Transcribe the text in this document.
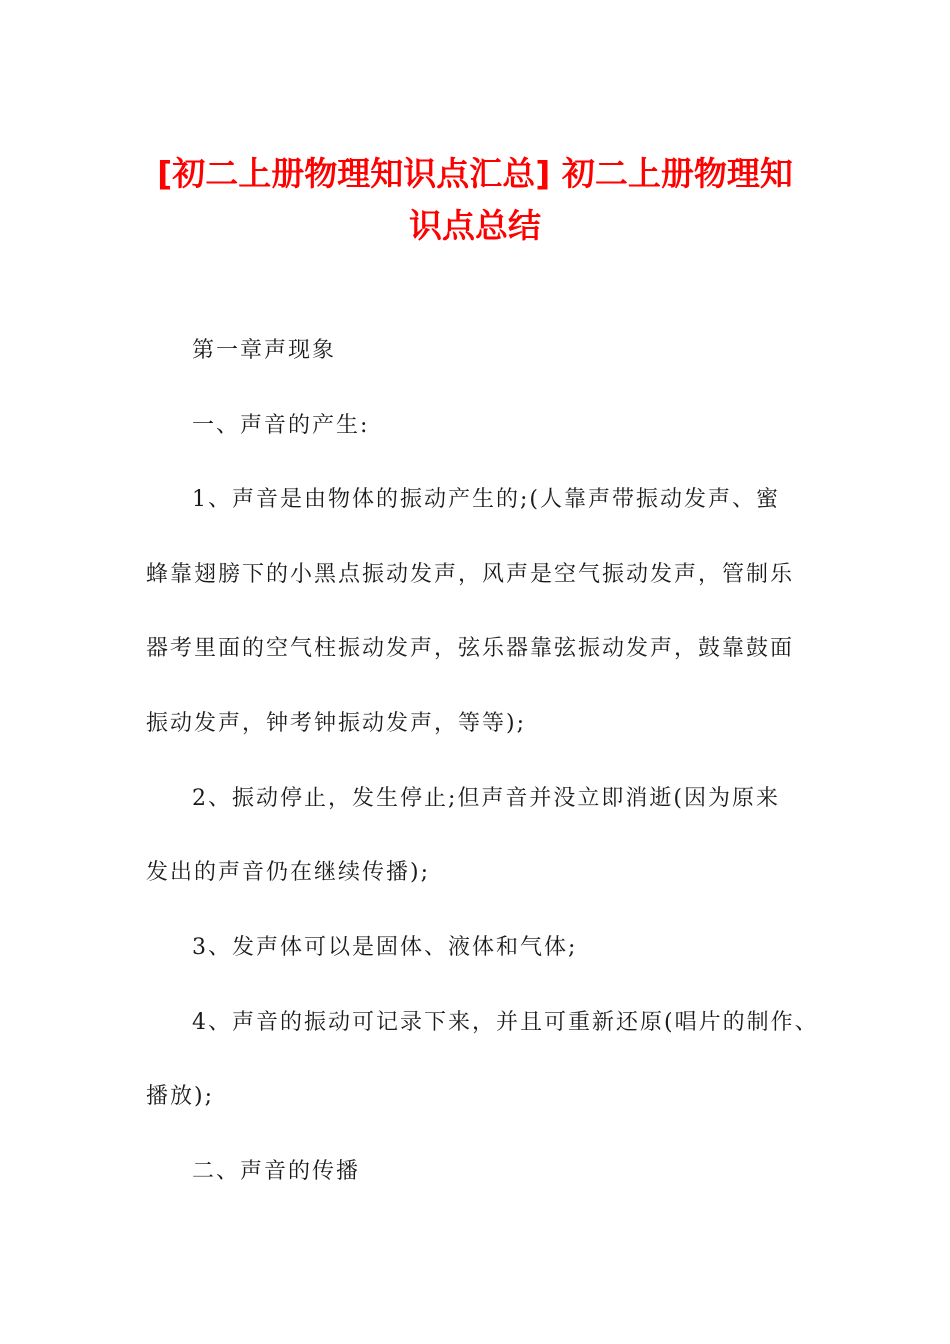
[初二上册物理知识点汇总] 初二上册物理知
识点总结
第一章声现象
一、声音的产生:
1、声音是由物体的振动产生的;(人靠声带振动发声、蜜
蜂靠翅膀下的小黑点振动发声，风声是空气振动发声，管制乐
器考里面的空气柱振动发声，弦乐器靠弦振动发声，鼓靠鼓面
振动发声，钟考钟振动发声，等等);
2、振动停止，发生停止;但声音并没立即消逝(因为原来
发出的声音仍在继续传播);
3、发声体可以是固体、液体和气体;
4、声音的振动可记录下来，并且可重新还原(唱片的制作、
播放);
二、声音的传播
